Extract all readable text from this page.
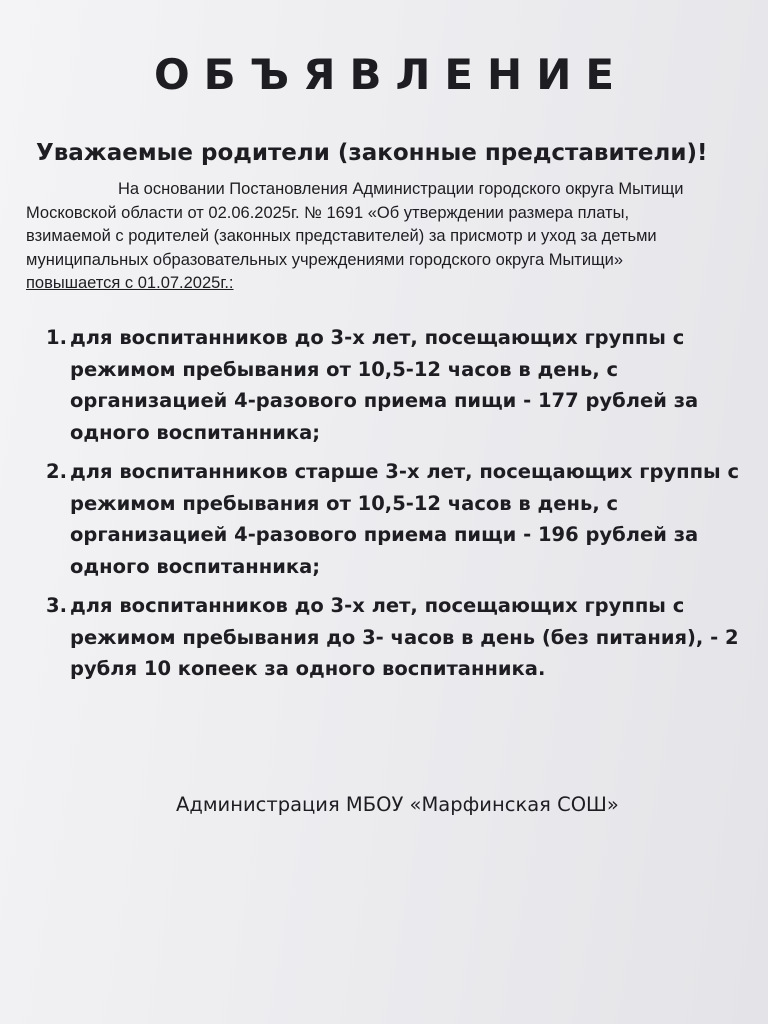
ОБЪЯВЛЕНИЕ
Уважаемые родители (законные представители)!
На основании Постановления Администрации городского округа Мытищи Московской области от 02.06.2025г. № 1691 «Об утверждении размера платы, взимаемой с родителей (законных представителей) за присмотр и уход за детьми муниципальных образовательных учреждениями городского округа Мытищи» повышается с 01.07.2025г.:
1. для воспитанников до 3-х лет, посещающих группы с режимом пребывания от 10,5-12 часов в день, с организацией 4-разового приема пищи - 177 рублей за одного воспитанника;
2. для воспитанников старше 3-х лет, посещающих группы с режимом пребывания от 10,5-12 часов в день, с организацией 4-разового приема пищи - 196 рублей за одного воспитанника;
3. для воспитанников до 3-х лет, посещающих группы с режимом пребывания до 3- часов в день (без питания), - 2 рубля 10 копеек за одного воспитанника.
Администрация МБОУ «Марфинская СОШ»
